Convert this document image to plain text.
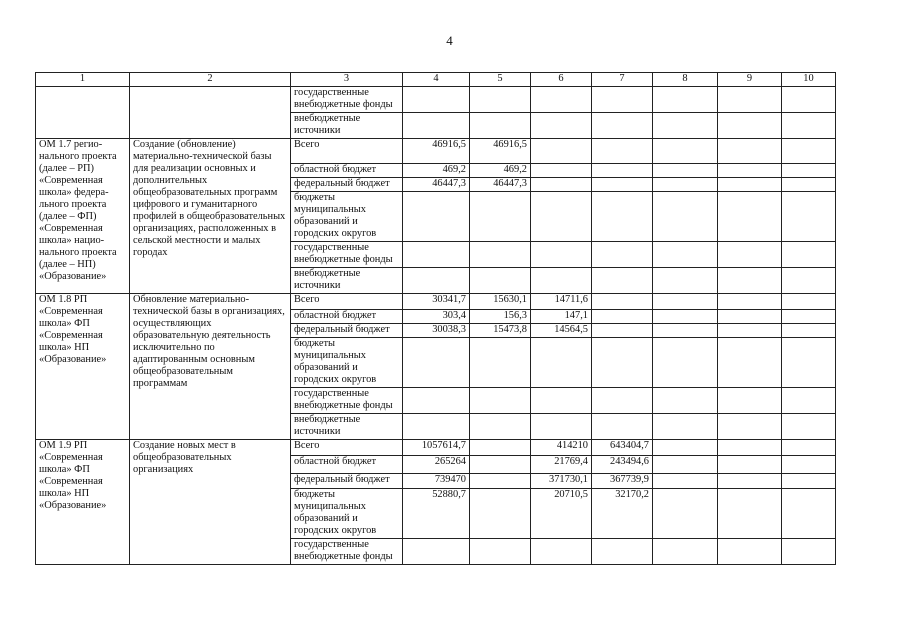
4
1	2	3	4	5	6	7	8	9	10
		государственные внебюджетные фонды							
		внебюджетные источники							
ОМ 1.7 регио-нального проекта (далее – РП) «Современная школа» федера-льного проекта (далее – ФП) «Современная школа» нацио-нального проекта (далее – НП) «Образование»	Создание (обновление) материально-технической базы для реализации основных и дополнительных общеобразовательных программ цифрового и гуманитарного профилей в общеобразовательных организациях, расположенных в сельской местности и малых городах	Всего	46916,5	46916,5					
		областной бюджет	469,2	469,2					
		федеральный бюджет	46447,3	46447,3					
		бюджеты муниципальных образований и городских округов							
		государственные внебюджетные фонды							
		внебюджетные источники							
ОМ 1.8 РП «Современная школа» ФП «Современная школа» НП «Образование»	Обновление материально-технической базы в организациях, осуществляющих образовательную деятельность исключительно по адаптированным основным общеобразовательным программам	Всего	30341,7	15630,1	14711,6				
		областной бюджет	303,4	156,3	147,1				
		федеральный бюджет	30038,3	15473,8	14564,5				
		бюджеты муниципальных образований и городских округов							
		государственные внебюджетные фонды							
		внебюджетные источники							
ОМ 1.9 РП «Современная школа» ФП «Современная школа» НП «Образование»	Создание новых мест в общеобразовательных организациях	Всего	1057614,7		414210	643404,7			
		областной бюджет	265264		21769,4	243494,6			
		федеральный бюджет	739470		371730,1	367739,9			
		бюджеты муниципальных образований и городских округов	52880,7		20710,5	32170,2			
		государственные внебюджетные фонды							
